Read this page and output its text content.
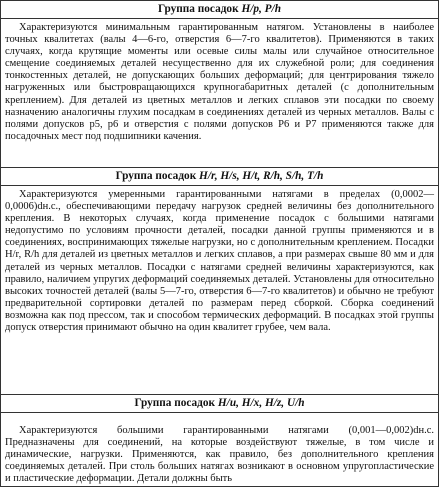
Группа посадок H/p, P/h

Характеризуются минимальным гарантированным натягом. Установлены в наиболее точных квалитетах (валы 4—6-го, отверстия 6—7-го квалитетов). Применяются в таких случаях, когда крутящие моменты или осевые силы малы или случайное относительное смещение соединяемых деталей несущественно для их служебной роли; для соединения тонкостенных деталей, не допускающих больших деформаций; для центрирования тяжело нагруженных или быстровращающихся крупногабаритных деталей (с дополнительным креплением). Для деталей из цветных металлов и легких сплавов эти посадки по своему назначению аналогичны глухим посадкам в соединениях деталей из черных металлов. Валы с полями допусков p5, p6 и отверстия с полями допусков P6 и P7 применяются также для посадочных мест под подшипники качения.

Группа посадок H/r, H/s, H/t, R/h, S/h, T/h

Характеризуются умеренными гарантированными натягами в пределах (0,0002—0,0006)dн.с., обеспечивающими передачу нагрузок средней величины без дополнительного крепления. В некоторых случаях, когда применение посадок с большими натягами недопустимо по условиям прочности деталей, посадки данной группы применяются и в соединениях, воспринимающих тяжелые нагрузки, но с дополнительным креплением. Посадки H/r, R/h для деталей из цветных металлов и легких сплавов, а при размерах свыше 80 мм и для деталей из черных металлов. Посадки с натягами средней величины характеризуются, как правило, наличием упругих деформаций соединяемых деталей. Установлены для относительно высоких точностей деталей (валы 5—7-го, отверстия 6—7-го квалитетов) и обычно не требуют предварительной сортировки деталей по размерам перед сборкой. Сборка соединений возможна как под прессом, так и способом термических деформаций. В посадках этой группы допуск отверстия принимают обычно на один квалитет грубее, чем вала.

Группа посадок H/u, H/x, H/z, U/h

Характеризуются большими гарантированными натягами (0,001—0,002)dн.с. Предназначены для соединений, на которые воздействуют тяжелые, в том числе и динамические, нагрузки. Применяются, как правило, без дополнительного крепления соединяемых деталей. При столь больших натягах возникают в основном упругопластические и пластические деформации. Детали должны быть
